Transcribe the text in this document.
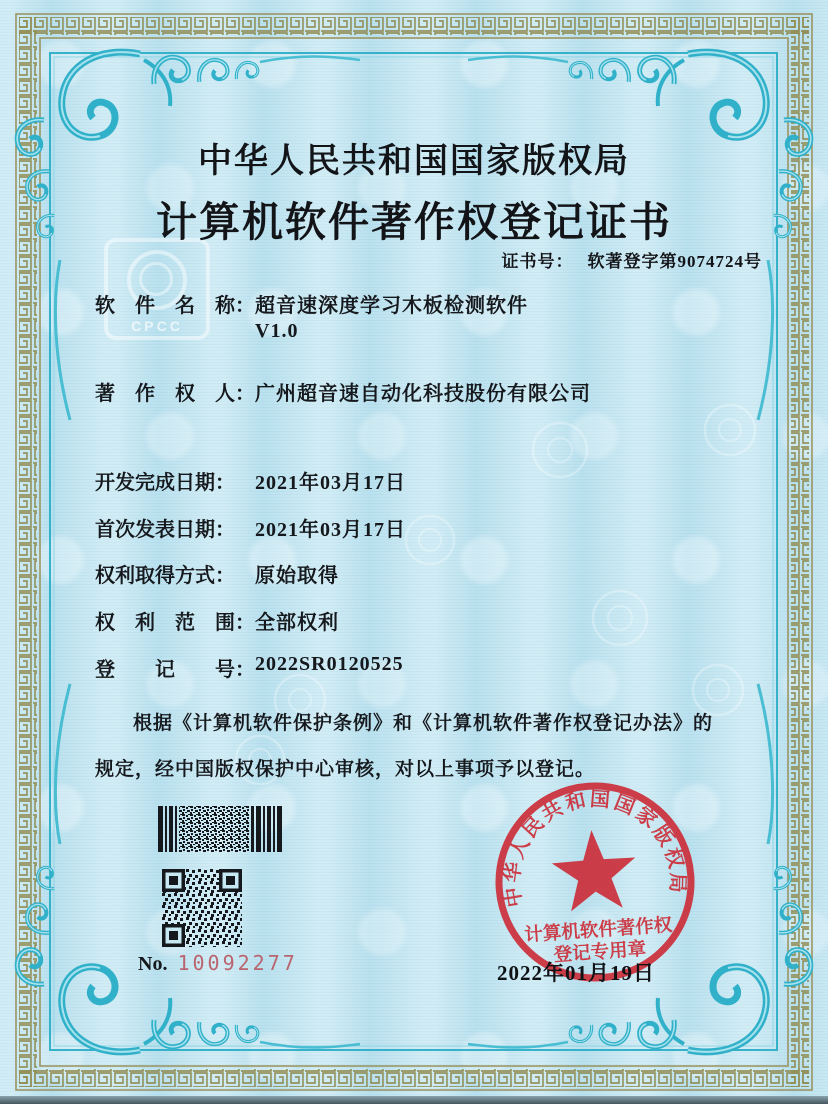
CPCC
中华人民共和国国家版权局
计算机软件著作权登记证书
证书号： 软著登字第9074724号
软　件　名　称： 超音速深度学习木板检测软件
V1.0
著　作　权　人： 广州超音速自动化科技股份有限公司
开发完成日期： 2021年03月17日
首次发表日期： 2021年03月17日
权利取得方式： 原始取得
权　利　范　围： 全部权利
登　　记　　号： 2022SR0120525
根据《计算机软件保护条例》和《计算机软件著作权登记办法》的
规定，经中国版权保护中心审核，对以上事项予以登记。
No. 10092277
中华人民共和国国家版权局
计算机软件著作权
登记专用章
2022年01月19日
